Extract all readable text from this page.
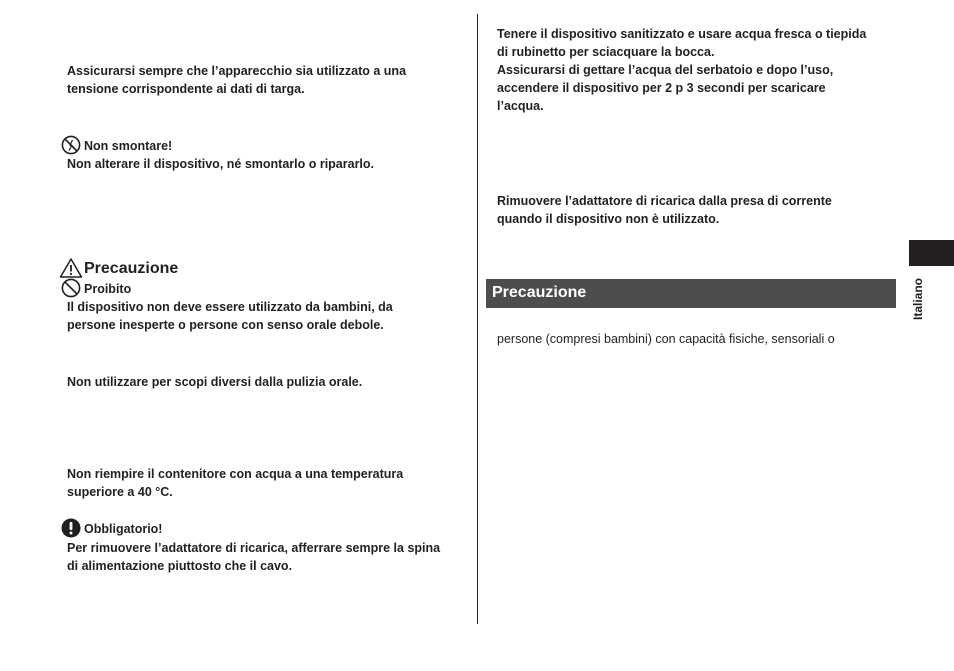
Assicurarsi sempre che l’apparecchio sia utilizzato a una
tensione corrispondente ai dati di targa.
Non smontare!
Non alterare il dispositivo, né smontarlo o ripararlo.
Precauzione
Proibito
Il dispositivo non deve essere utilizzato da bambini, da
persone inesperte o persone con senso orale debole.
Non utilizzare per scopi diversi dalla pulizia orale.
Non riempire il contenitore con acqua a una temperatura
superiore a 40 °C.
Obbligatorio!
Per rimuovere l’adattatore di ricarica, afferrare sempre la spina
di alimentazione piuttosto che il cavo.
Tenere il dispositivo sanitizzato e usare acqua fresca o tiepida
di rubinetto per sciacquare la bocca.
Assicurarsi di gettare l’acqua del serbatoio e dopo l’uso,
accendere il dispositivo per 2 p 3 secondi per scaricare
l’acqua.
Rimuovere l’adattatore di ricarica dalla presa di corrente
quando il dispositivo non è utilizzato.
Precauzione
persone (compresi bambini) con capacità fisiche, sensoriali o
Italiano
